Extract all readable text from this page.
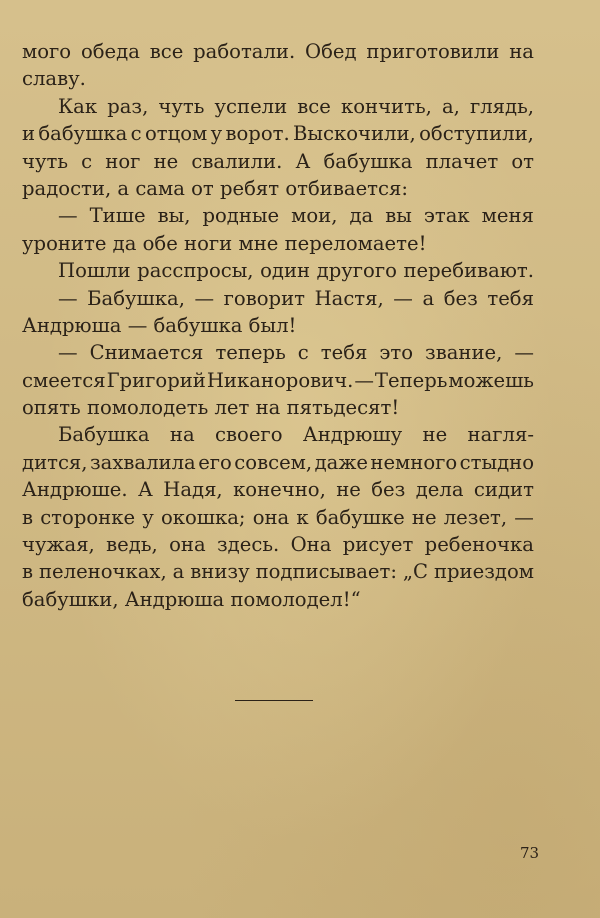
мого обеда все работали. Обед приготовили на
славу.
Как раз, чуть успели все кончить, а, глядь,
и бабушка с отцом у ворот. Выскочили, обступили,
чуть с ног не свалили. А бабушка плачет от
радости, а сама от ребят отбивается:
— Тише вы, родные мои, да вы этак меня
уроните да обе ноги мне переломаете!
Пошли расспросы, один другого перебивают.
— Бабушка, — говорит Настя, — а без тебя
Андрюша — бабушка был!
— Снимается теперь с тебя это звание, —
смеется Григорий Никанорович. — Теперь можешь
опять помолодеть лет на пятьдесят!
Бабушка на своего Андрюшу не нагля-
дится, захвалила его совсем, даже немного стыдно
Андрюше. А Надя, конечно, не без дела сидит
в сторонке у окошка; она к бабушке не лезет, —
чужая, ведь, она здесь. Она рисует ребеночка
в пеленочках, а внизу подписывает: „С приездом
бабушки, Андрюша помолодел!“
73
